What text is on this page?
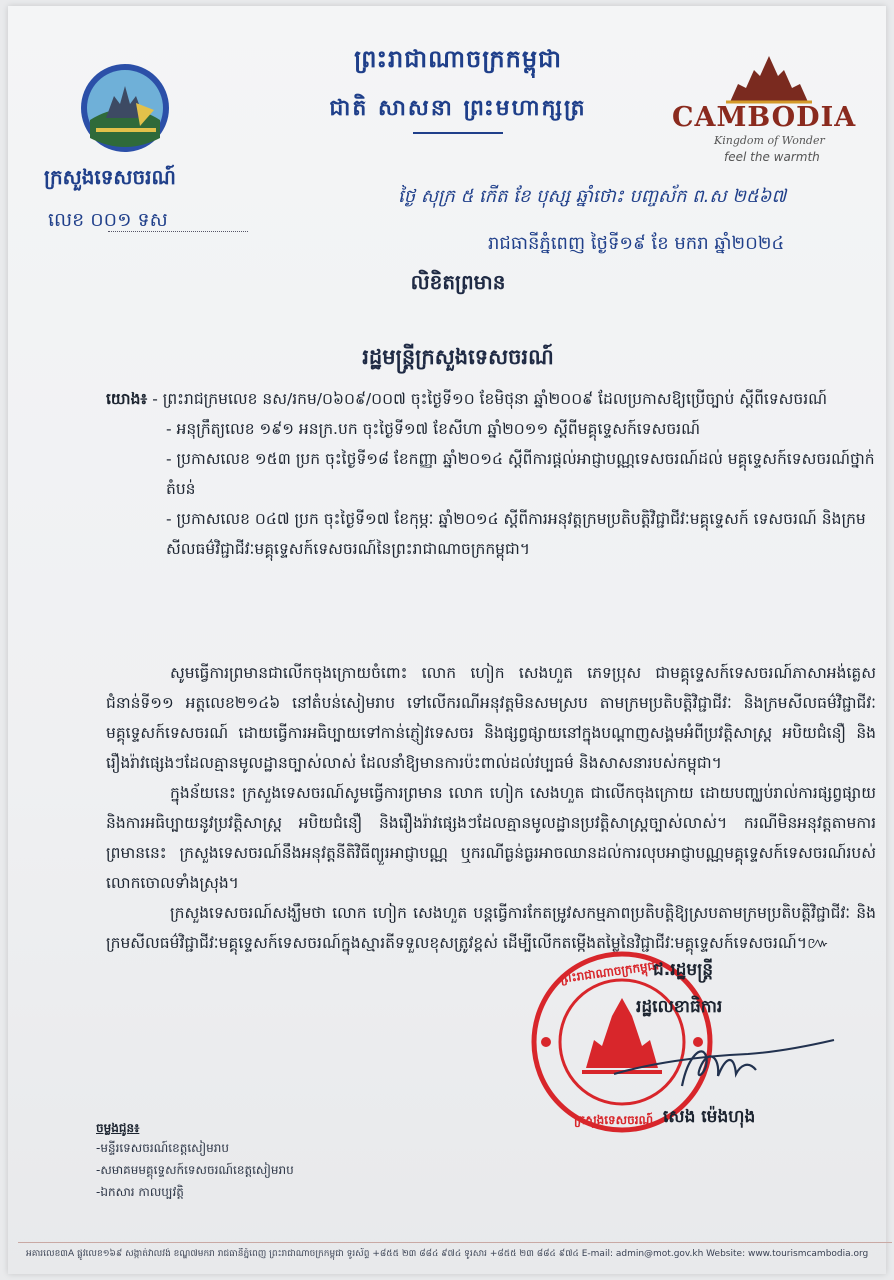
CAMBODIA
Kingdom of Wonder
feel the warmth
ព្រះរាជាណាចក្រកម្ពុជា
ជាតិ សាសនា ព្រះមហាក្សត្រ
ក្រសួងទេសចរណ៍
លេខ ០០១ ទស
ថ្ងៃ សុក្រ ៥ កើត ខែ បុស្ស ឆ្នាំថោះ បញ្ចស័ក ព.ស ២៥៦៧
រាជធានីភ្នំពេញ ថ្ងៃទី១៩ ខែ មករា ឆ្នាំ២០២៤
លិខិតព្រមាន
រដ្ឋមន្ត្រីក្រសួងទេសចរណ៍
យោង៖ - ព្រះរាជក្រមលេខ នស/រកម/០៦០៩/០០៧ ចុះថ្ងៃទី១០ ខែមិថុនា ឆ្នាំ២០០៩ ដែលប្រកាសឱ្យប្រើច្បាប់ ស្តីពីទេសចរណ៍
- អនុក្រឹត្យលេខ ១៩១ អនក្រ.បក ចុះថ្ងៃទី១៧ ខែសីហា ឆ្នាំ២០១១ ស្តីពីមគ្គុទ្ទេសក៍ទេសចរណ៍
- ប្រកាសលេខ ១៥៣ ប្រក ចុះថ្ងៃទី១៨ ខែកញ្ញា ឆ្នាំ២០១៤ ស្តីពីការផ្តល់អាជ្ញាបណ្ណទេសចរណ៍ដល់ មគ្គុទ្ទេសក៍ទេសចរណ៍ថ្នាក់តំបន់
- ប្រកាសលេខ ០៤៧ ប្រក ចុះថ្ងៃទី១៧ ខែកុម្ភៈ ឆ្នាំ២០១៤ ស្តីពីការអនុវត្តក្រមប្រតិបត្តិវិជ្ជាជីវៈមគ្គុទ្ទេសក៍ ទេសចរណ៍ និងក្រមសីលធម៌វិជ្ជាជីវៈមគ្គុទ្ទេសក៍ទេសចរណ៍នៃព្រះរាជាណាចក្រកម្ពុជា។

សូមធ្វើការព្រមានជាលើកចុងក្រោយចំពោះ លោក ហៀក សេងហួត ភេទប្រុស ជាមគ្គុទ្ទេសក៍ទេសចរណ៍ភាសាអង់គ្លេស ជំនាន់ទី១១ អត្តលេខ២១៤៦ នៅតំបន់សៀមរាប ទៅលើករណីអនុវត្តមិនសមស្រប តាមក្រមប្រតិបត្តិវិជ្ជាជីវៈ និងក្រមសីលធម៌វិជ្ជាជីវៈមគ្គុទ្ទេសក៍ទេសចរណ៍ ដោយធ្វើការអធិប្បាយទៅកាន់ភ្ញៀវទេសចរ និងផ្សព្វផ្សាយនៅក្នុងបណ្តាញសង្គមអំពីប្រវត្តិសាស្ត្រ អបិយជំនឿ និងរឿងរ៉ាវផ្សេងៗដែលគ្មានមូលដ្ឋានច្បាស់លាស់ ដែលនាំឱ្យមានការប៉ះពាល់ដល់វប្បធម៌ និងសាសនារបស់កម្ពុជា។

ក្នុងន័យនេះ ក្រសួងទេសចរណ៍សូមធ្វើការព្រមាន លោក ហៀក សេងហួត ជាលើកចុងក្រោយ ដោយបញ្ឈប់រាល់ការផ្សព្វផ្សាយ និងការអធិប្បាយនូវប្រវត្តិសាស្ត្រ អបិយជំនឿ និងរឿងរ៉ាវផ្សេងៗដែលគ្មានមូលដ្ឋានប្រវត្តិសាស្ត្រច្បាស់លាស់។ ករណីមិនអនុវត្តតាមការព្រមាននេះ ក្រសួងទេសចរណ៍នឹងអនុវត្តនីតិវិធីព្យួរអាជ្ញាបណ្ណ ឬករណីធ្ងន់ធ្ងរអាចឈានដល់ការលុបអាជ្ញាបណ្ណមគ្គុទ្ទេសក៍ទេសចរណ៍របស់លោកចោលទាំងស្រុង។

ក្រសួងទេសចរណ៍សង្ឃឹមថា លោក ហៀក សេងហួត បន្តធ្វើការកែតម្រូវសកម្មភាពប្រតិបត្តិឱ្យស្របតាមក្រមប្រតិបត្តិវិជ្ជាជីវៈ និងក្រមសីលធម៌វិជ្ជាជីវៈមគ្គុទ្ទេសក៍ទេសចរណ៍ក្នុងស្មារតីទទួលខុសត្រូវខ្ពស់ ដើម្បីលើកតម្កើងតម្លៃនៃវិជ្ជាជីវៈមគ្គុទ្ទេសក៍ទេសចរណ៍។៚

ព្រះរាជាណាចក្រកម្ពុជា
ក្រសួងទេសចរណ៍
ជ.រដ្ឋមន្ត្រី
រដ្ឋលេខាធិការ
សេង ម៉េងហុង
ចម្លងជូន៖
-មន្ទីរទេសចរណ៍ខេត្តសៀមរាប
-សមាគមមគ្គុទ្ទេសក៍ទេសចរណ៍ខេត្តសៀមរាប
-ឯកសារ កាលប្បវត្តិ
អគារលេខ៣A ផ្លូវលេខ១៦៩ សង្កាត់វាលវង់ ខណ្ឌ៧មករា រាជធានីភ្នំពេញ ព្រះរាជាណាចក្រកម្ពុជា ទូរស័ព្ទ +៨៥៥ ២៣ ៨៨៤ ៩៧៤ ទូរសារ +៨៥៥ ២៣ ៨៨៤ ៩៧៤ E-mail: admin@mot.gov.kh Website: www.tourismcambodia.org
